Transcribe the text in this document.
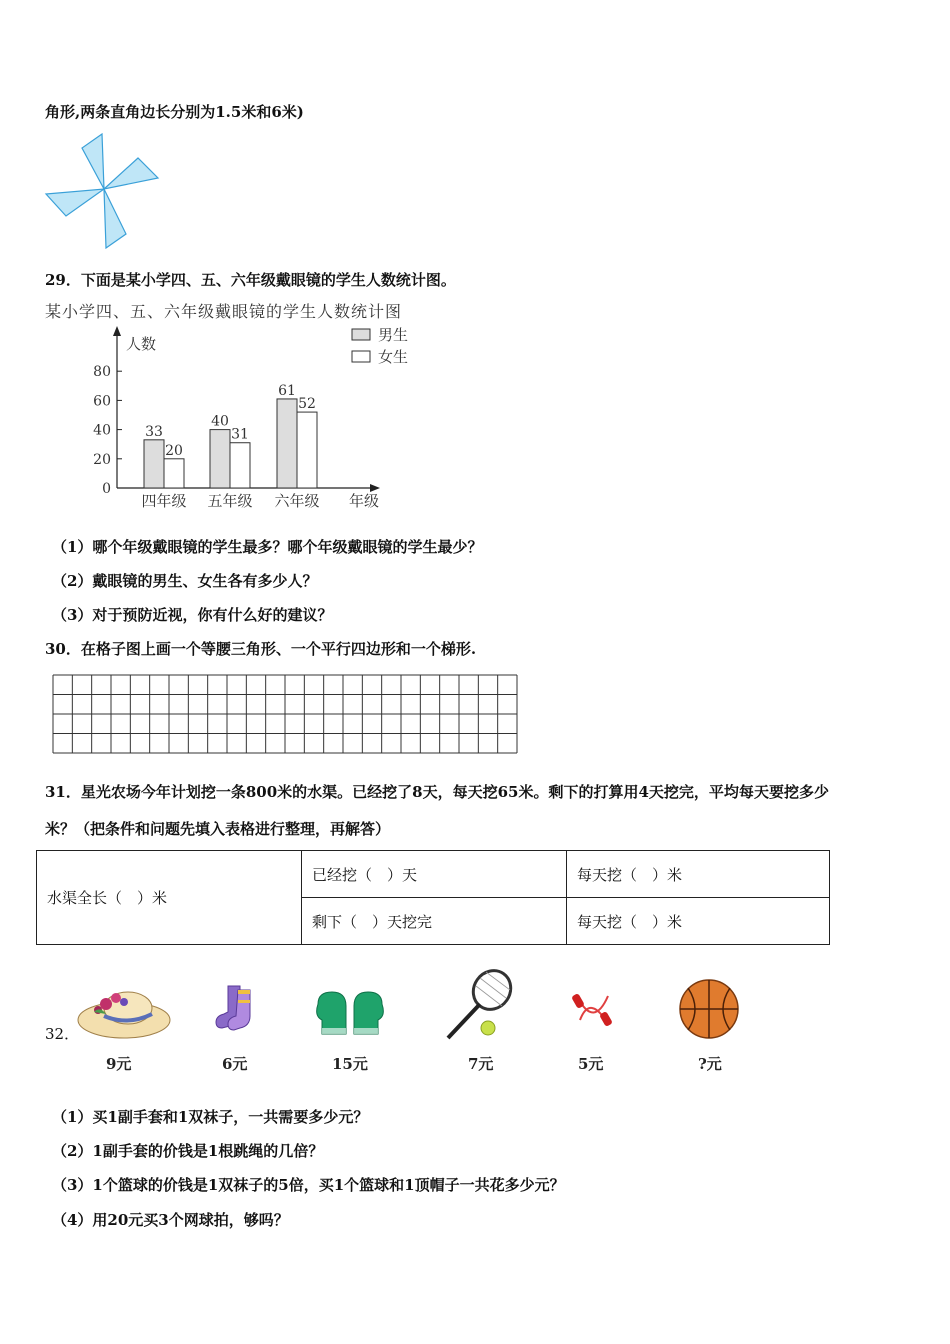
角形,两条直角边长分别为1.5米和6米)
29．下面是某小学四、五、六年级戴眼镜的学生人数统计图。
某小学四、五、六年级戴眼镜的学生人数统计图
人数
0
20
40
60
80
33
20
四年级
40
31
五年级
61
52
六年级 年级
男生
女生
（1）哪个年级戴眼镜的学生最多？哪个年级戴眼镜的学生最少？
（2）戴眼镜的男生、女生各有多少人？
（3）对于预防近视，你有什么好的建议？
30．在格子图上画一个等腰三角形、一个平行四边形和一个梯形.
31．星光农场今年计划挖一条800米的水渠。已经挖了8天，每天挖65米。剩下的打算用4天挖完，平均每天要挖多少
米？（把条件和问题先填入表格进行整理，再解答）
水渠全长（　）米	已经挖（　）天	每天挖（　）米
	剩下（　）天挖完	每天挖（　）米
32．
9元	6元	15元	7元	5元	?元
（1）买1副手套和1双袜子，一共需要多少元？
（2）1副手套的价钱是1根跳绳的几倍？
（3）1个篮球的价钱是1双袜子的5倍，买1个篮球和1顶帽子一共花多少元？
（4）用20元买3个网球拍，够吗？
